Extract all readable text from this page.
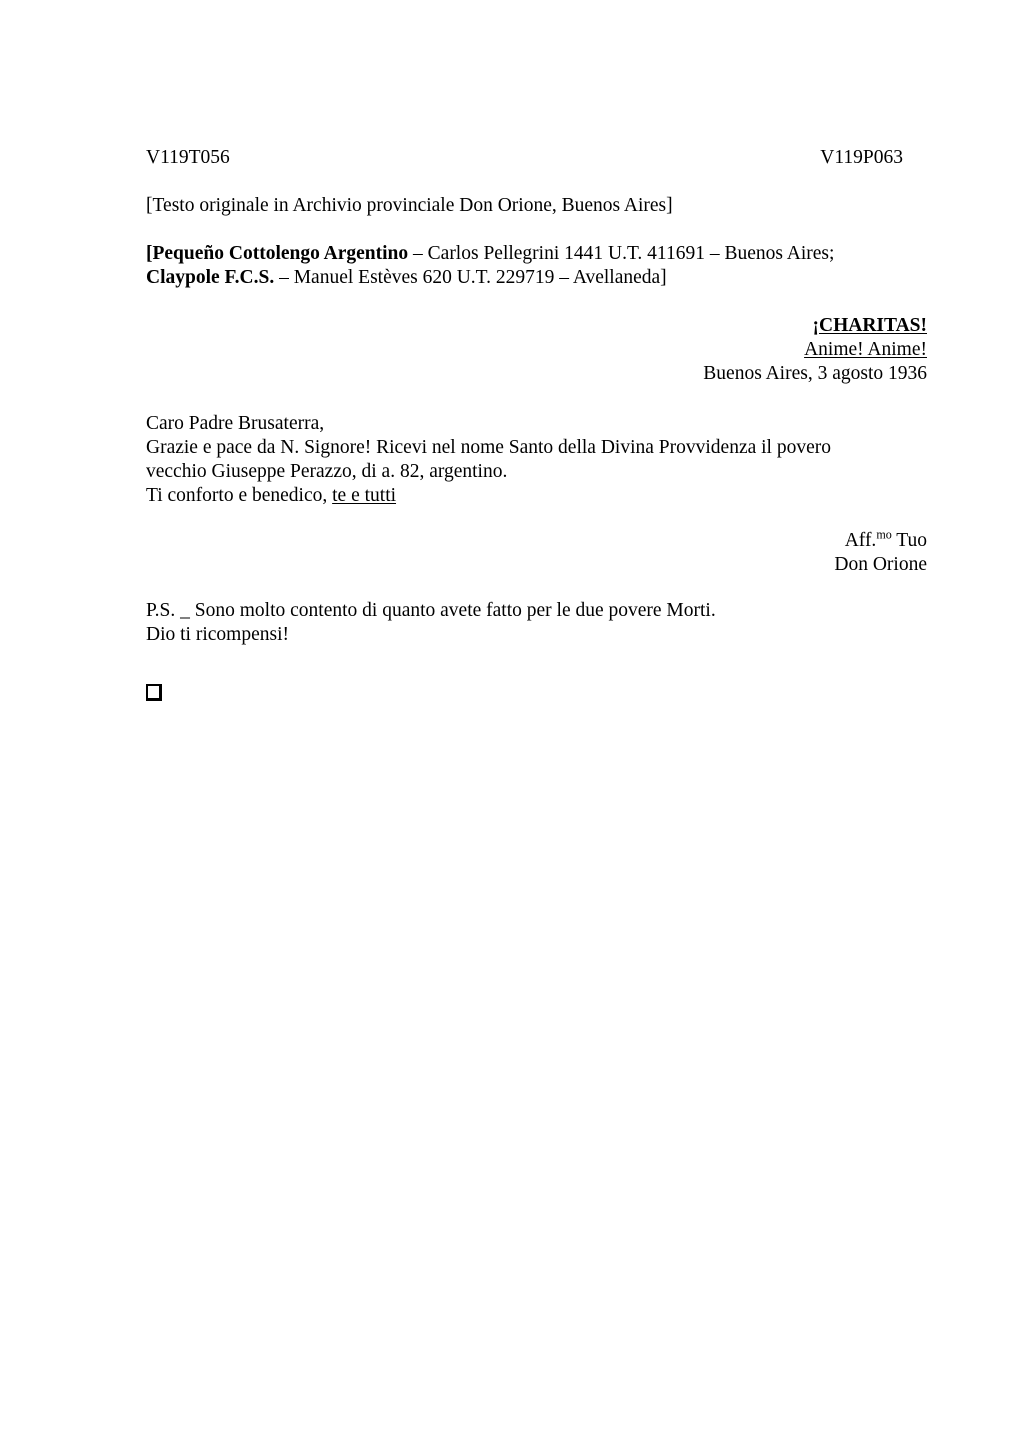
V119T056	V119P063
[Testo originale in Archivio provinciale Don Orione, Buenos Aires]
[Pequeño Cottolengo Argentino – Carlos Pellegrini 1441 U.T. 411691 – Buenos Aires;
Claypole F.C.S. – Manuel Estèves 620 U.T. 229719 – Avellaneda]
¡CHARITAS!
Anime! Anime!
Buenos Aires, 3 agosto 1936
Caro Padre Brusaterra,
Grazie e pace da N. Signore! Ricevi nel nome Santo della Divina Provvidenza il povero
vecchio Giuseppe Perazzo, di a. 82, argentino.
Ti conforto e benedico, te e tutti
Aff.$^{mo}$ Tuo
Don Orione
P.S. _ Sono molto contento di quanto avete fatto per le due povere Morti.
Dio ti ricompensi!
